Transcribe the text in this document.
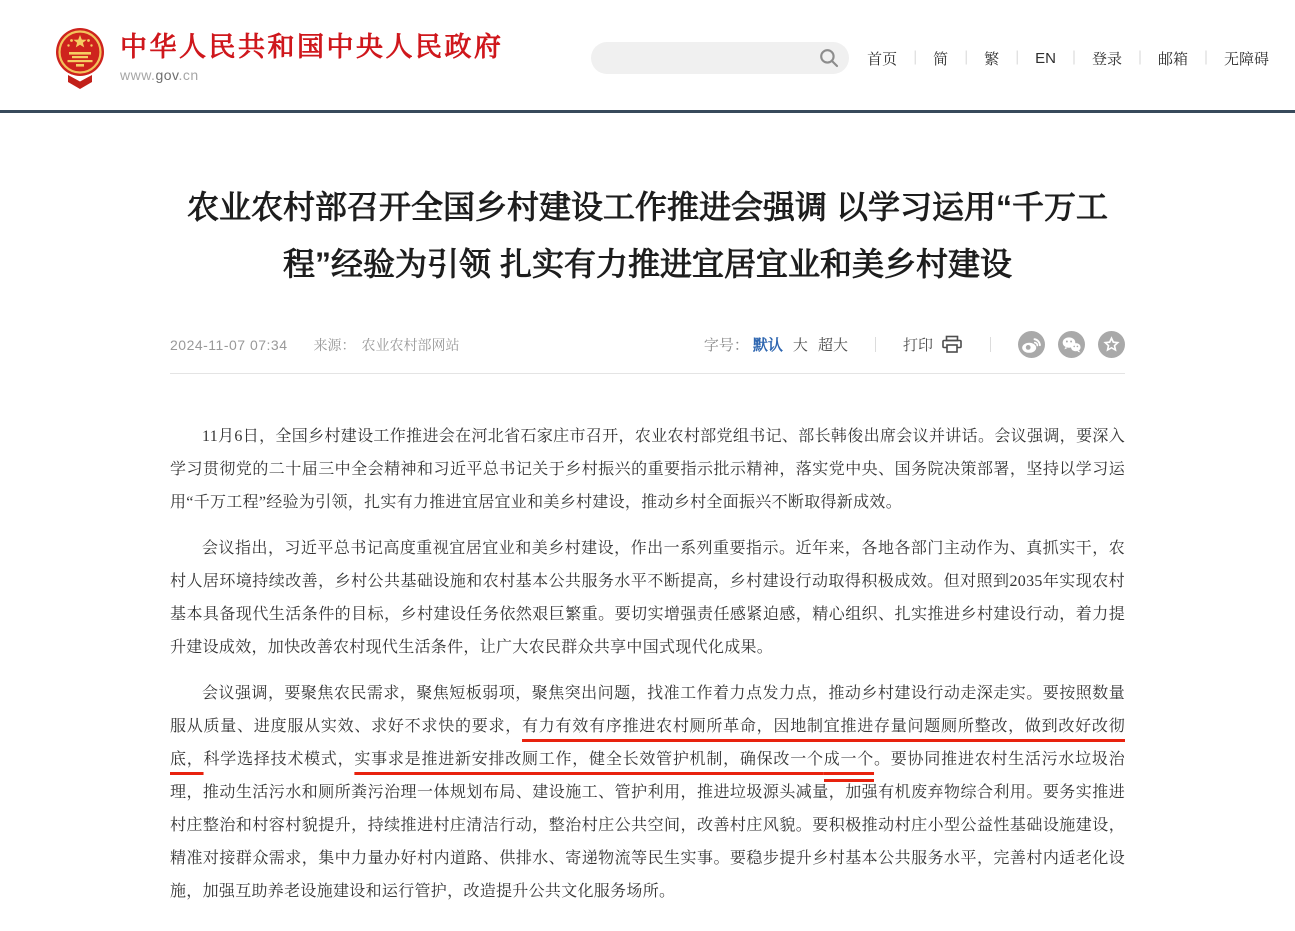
中华人民共和国中央人民政府
www.gov.cn
首页 ｜ 简 ｜ 繁 ｜ EN ｜ 登录 ｜ 邮箱 ｜ 无障碍
农业农村部召开全国乡村建设工作推进会强调 以学习运用“千万工程”经验为引领 扎实有力推进宜居宜业和美乡村建设
2024-11-07 07:34 来源： 农业农村部网站	字号： 默认 大 超大 ｜ 打印	｜

11月6日，全国乡村建设工作推进会在河北省石家庄市召开，农业农村部党组书记、部长韩俊出席会议并讲话。会议强调，要深入学习贯彻党的二十届三中全会精神和习近平总书记关于乡村振兴的重要指示批示精神，落实党中央、国务院决策部署，坚持以学习运用“千万工程”经验为引领，扎实有力推进宜居宜业和美乡村建设，推动乡村全面振兴不断取得新成效。

会议指出，习近平总书记高度重视宜居宜业和美乡村建设，作出一系列重要指示。近年来，各地各部门主动作为、真抓实干，农村人居环境持续改善，乡村公共基础设施和农村基本公共服务水平不断提高，乡村建设行动取得积极成效。但对照到2035年实现农村基本具备现代生活条件的目标，乡村建设任务依然艰巨繁重。要切实增强责任感紧迫感，精心组织、扎实推进乡村建设行动，着力提升建设成效，加快改善农村现代生活条件，让广大农民群众共享中国式现代化成果。

会议强调，要聚焦农民需求，聚焦短板弱项，聚焦突出问题，找准工作着力点发力点，推动乡村建设行动走深走实。要按照数量服从质量、进度服从实效、求好不求快的要求，有力有效有序推进农村厕所革命，因地制宜推进存量问题厕所整改，做到改好改彻底，科学选择技术模式，实事求是推进新安排改厕工作，健全长效管护机制，确保改一个成一个。要协同推进农村生活污水垃圾治理，推动生活污水和厕所粪污治理一体规划布局、建设施工、管护利用，推进垃圾源头减量，加强有机废弃物综合利用。要务实推进村庄整治和村容村貌提升，持续推进村庄清洁行动，整治村庄公共空间，改善村庄风貌。要积极推动村庄小型公益性基础设施建设，精准对接群众需求，集中力量办好村内道路、供排水、寄递物流等民生实事。要稳步提升乡村基本公共服务水平，完善村内适老化设施，加强互助养老设施建设和运行管护，改造提升公共文化服务场所。
